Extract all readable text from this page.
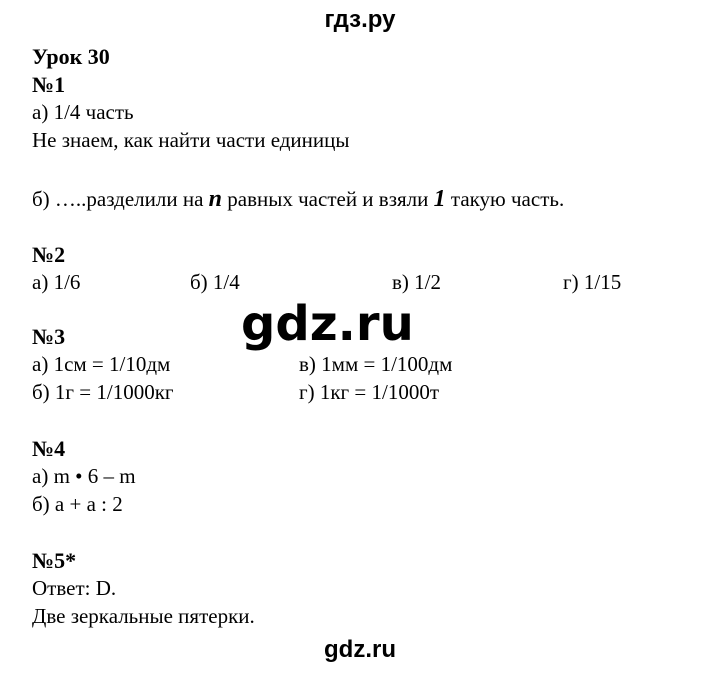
гдз.ру
Урок 30
№1
а) 1/4 часть
Не знаем, как найти части единицы
б) …..разделили на n равных частей и взяли 1 такую часть.
№2
а) 1/6	б) 1/4	в) 1/2	г) 1/15
gdz.ru
№3
а) 1см = 1/10дм	в) 1мм = 1/100дм
б) 1г = 1/1000кг	г) 1кг = 1/1000т
№4
а) m • 6 – m
б) a + a : 2
№5*
Ответ: D.
Две зеркальные пятерки.
gdz.ru
